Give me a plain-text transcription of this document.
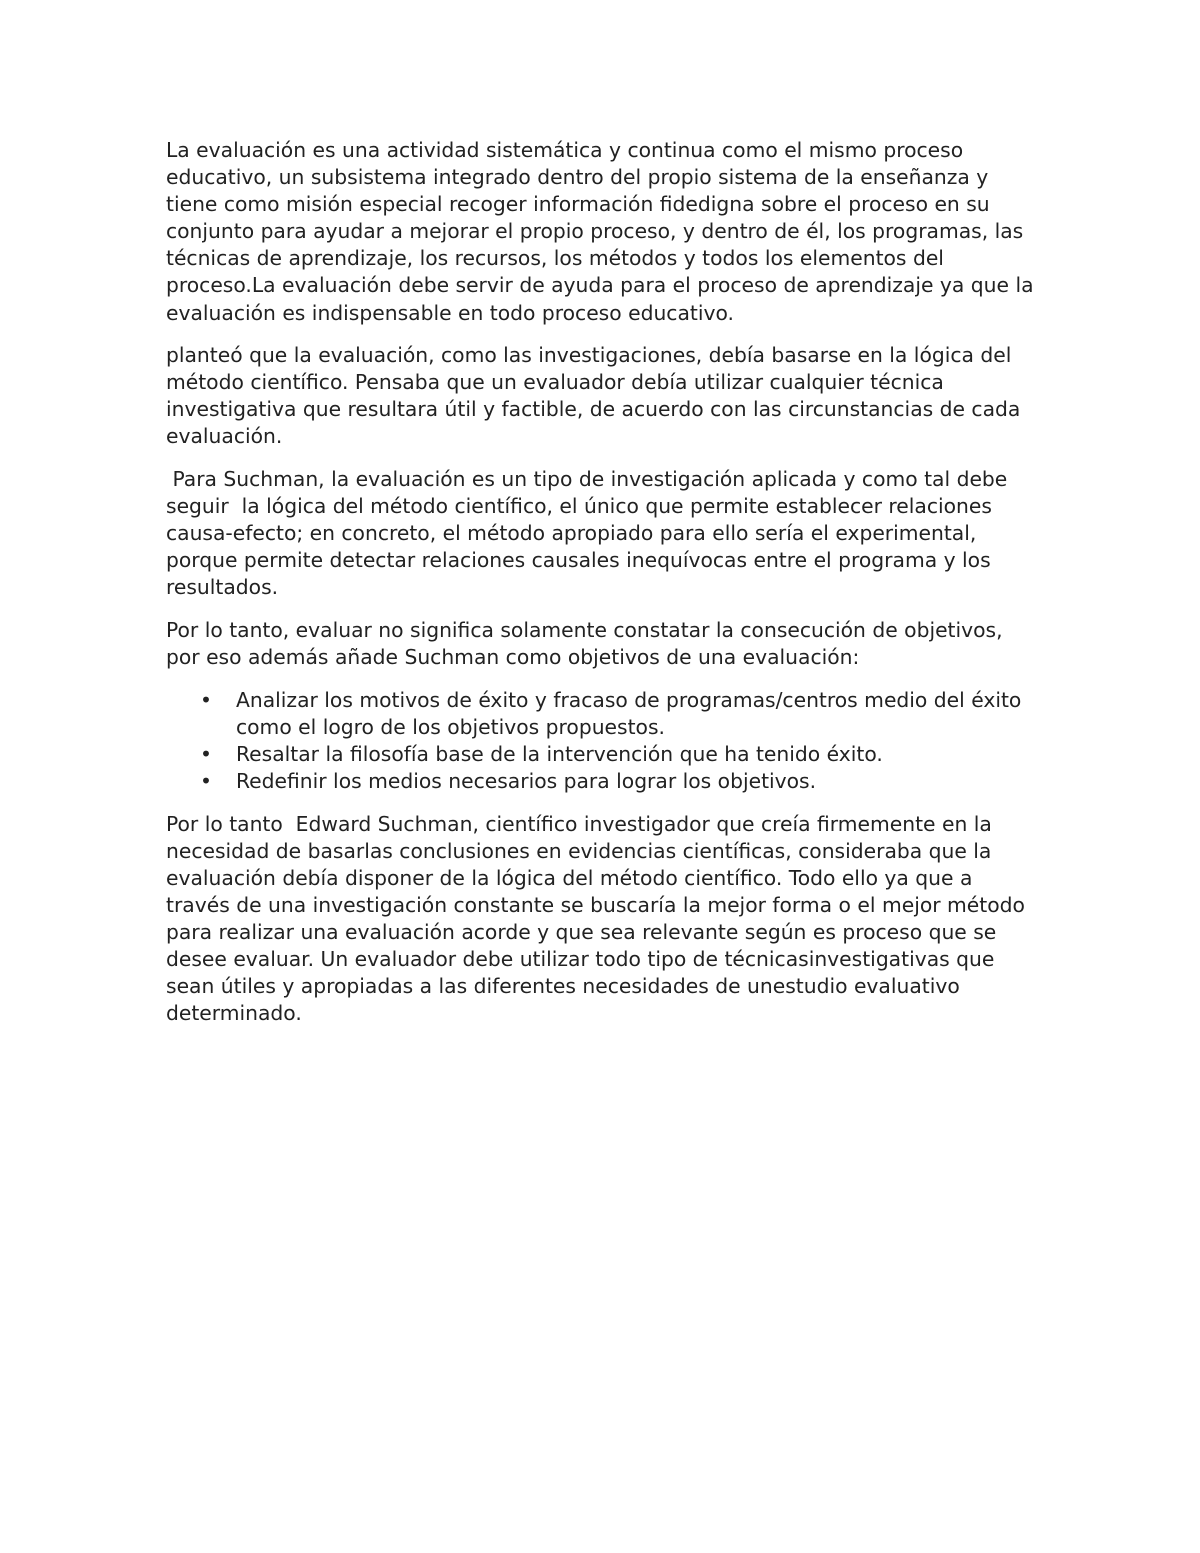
La evaluación es una actividad sistemática y continua como el mismo proceso educativo, un subsistema integrado dentro del propio sistema de la enseñanza y tiene como misión especial recoger información fidedigna sobre el proceso en su conjunto para ayudar a mejorar el propio proceso, y dentro de él, los programas, las técnicas de aprendizaje, los recursos, los métodos y todos los elementos del proceso.La evaluación debe servir de ayuda para el proceso de aprendizaje ya que la evaluación es indispensable en todo proceso educativo.

planteó que la evaluación, como las investigaciones, debía basarse en la lógica del método científico. Pensaba que un evaluador debía utilizar cualquier técnica investigativa que resultara útil y factible, de acuerdo con las circunstancias de cada evaluación.

Para Suchman, la evaluación es un tipo de investigación aplicada y como tal debe seguir  la lógica del método científico, el único que permite establecer relaciones causa-efecto; en concreto, el método apropiado para ello sería el experimental, porque permite detectar relaciones causales inequívocas entre el programa y los resultados.

Por lo tanto, evaluar no significa solamente constatar la consecución de objetivos, por eso además añade Suchman como objetivos de una evaluación:

• Analizar los motivos de éxito y fracaso de programas/centros medio del éxito como el logro de los objetivos propuestos.
• Resaltar la filosofía base de la intervención que ha tenido éxito.
• Redefinir los medios necesarios para lograr los objetivos.

Por lo tanto  Edward Suchman, científico investigador que creía firmemente en la necesidad de basarlas conclusiones en evidencias científicas, consideraba que la evaluación debía disponer de la lógica del método científico. Todo ello ya que a través de una investigación constante se buscaría la mejor forma o el mejor método para realizar una evaluación acorde y que sea relevante según es proceso que se desee evaluar. Un evaluador debe utilizar todo tipo de técnicasinvestigativas que sean útiles y apropiadas a las diferentes necesidades de unestudio evaluativo determinado.
